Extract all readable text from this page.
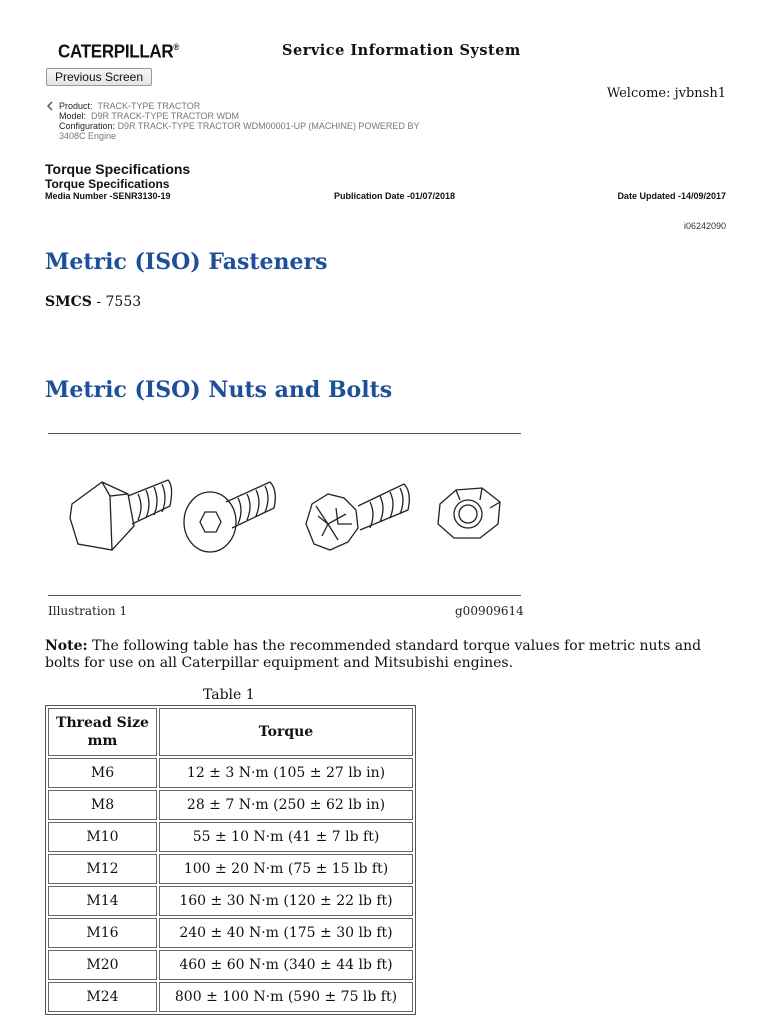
CATERPILLAR®	Service Information System
Previous Screen
Welcome: jvbnsh1
Product: TRACK-TYPE TRACTOR
Model: D9R TRACK-TYPE TRACTOR WDM
Configuration: D9R TRACK-TYPE TRACTOR WDM00001-UP (MACHINE) POWERED BY
3408C Engine
Torque Specifications
Torque Specifications
Media Number -SENR3130-19	Publication Date -01/07/2018	Date Updated -14/09/2017
i06242090
Metric (ISO) Fasteners
SMCS - 7553
Metric (ISO) Nuts and Bolts
Illustration 1	g00909614
Note: The following table has the recommended standard torque values for metric nuts and bolts for use on all Caterpillar equipment and Mitsubishi engines.
Table 1
Thread Size mm	Torque
M6	12 ± 3 N·m (105 ± 27 lb in)
M8	28 ± 7 N·m (250 ± 62 lb in)
M10	55 ± 10 N·m (41 ± 7 lb ft)
M12	100 ± 20 N·m (75 ± 15 lb ft)
M14	160 ± 30 N·m (120 ± 22 lb ft)
M16	240 ± 40 N·m (175 ± 30 lb ft)
M20	460 ± 60 N·m (340 ± 44 lb ft)
M24	800 ± 100 N·m (590 ± 75 lb ft)
